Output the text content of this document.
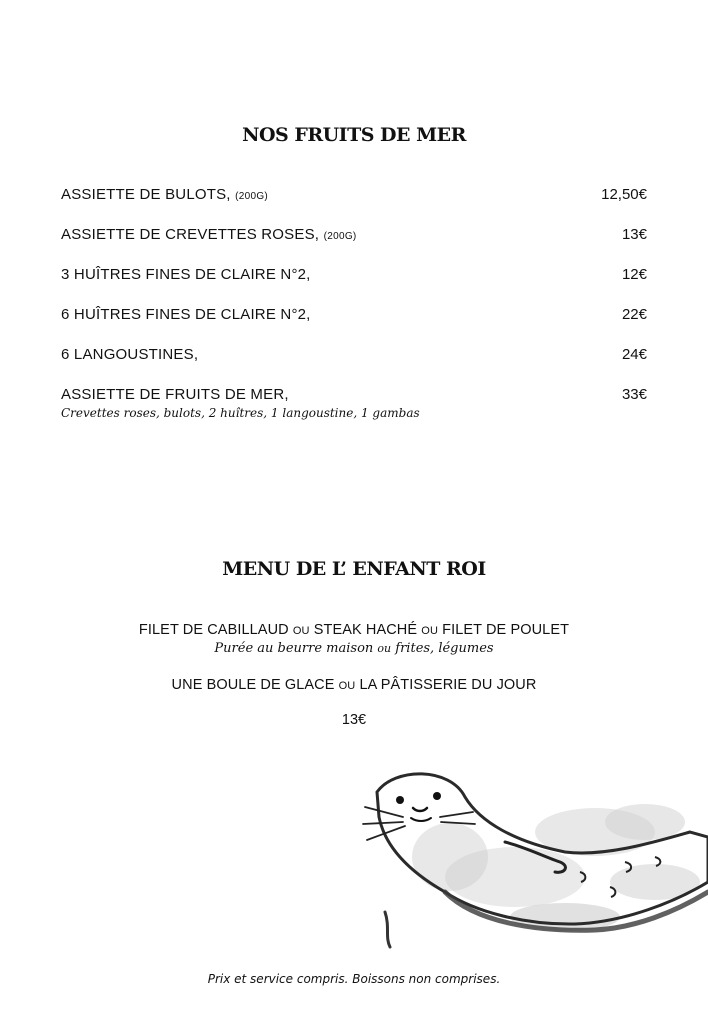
NOS FRUITS DE MER
ASSIETTE DE BULOTS, (200G)	12,50€
ASSIETTE DE CREVETTES ROSES, (200G)	13€
3 HUÎTRES FINES DE CLAIRE N°2,	12€
6 HUÎTRES FINES DE CLAIRE N°2,	22€
6 LANGOUSTINES,	24€
ASSIETTE DE FRUITS DE MER,	33€
Crevettes roses, bulots, 2 huîtres, 1 langoustine, 1 gambas
MENU DE L’ ENFANT ROI
FILET DE CABILLAUD OU STEAK HACHÉ OU FILET DE POULET
Purée au beurre maison ou frites, légumes
UNE BOULE DE GLACE OU LA PÂTISSERIE DU JOUR
13€
Prix et service compris. Boissons non comprises.
